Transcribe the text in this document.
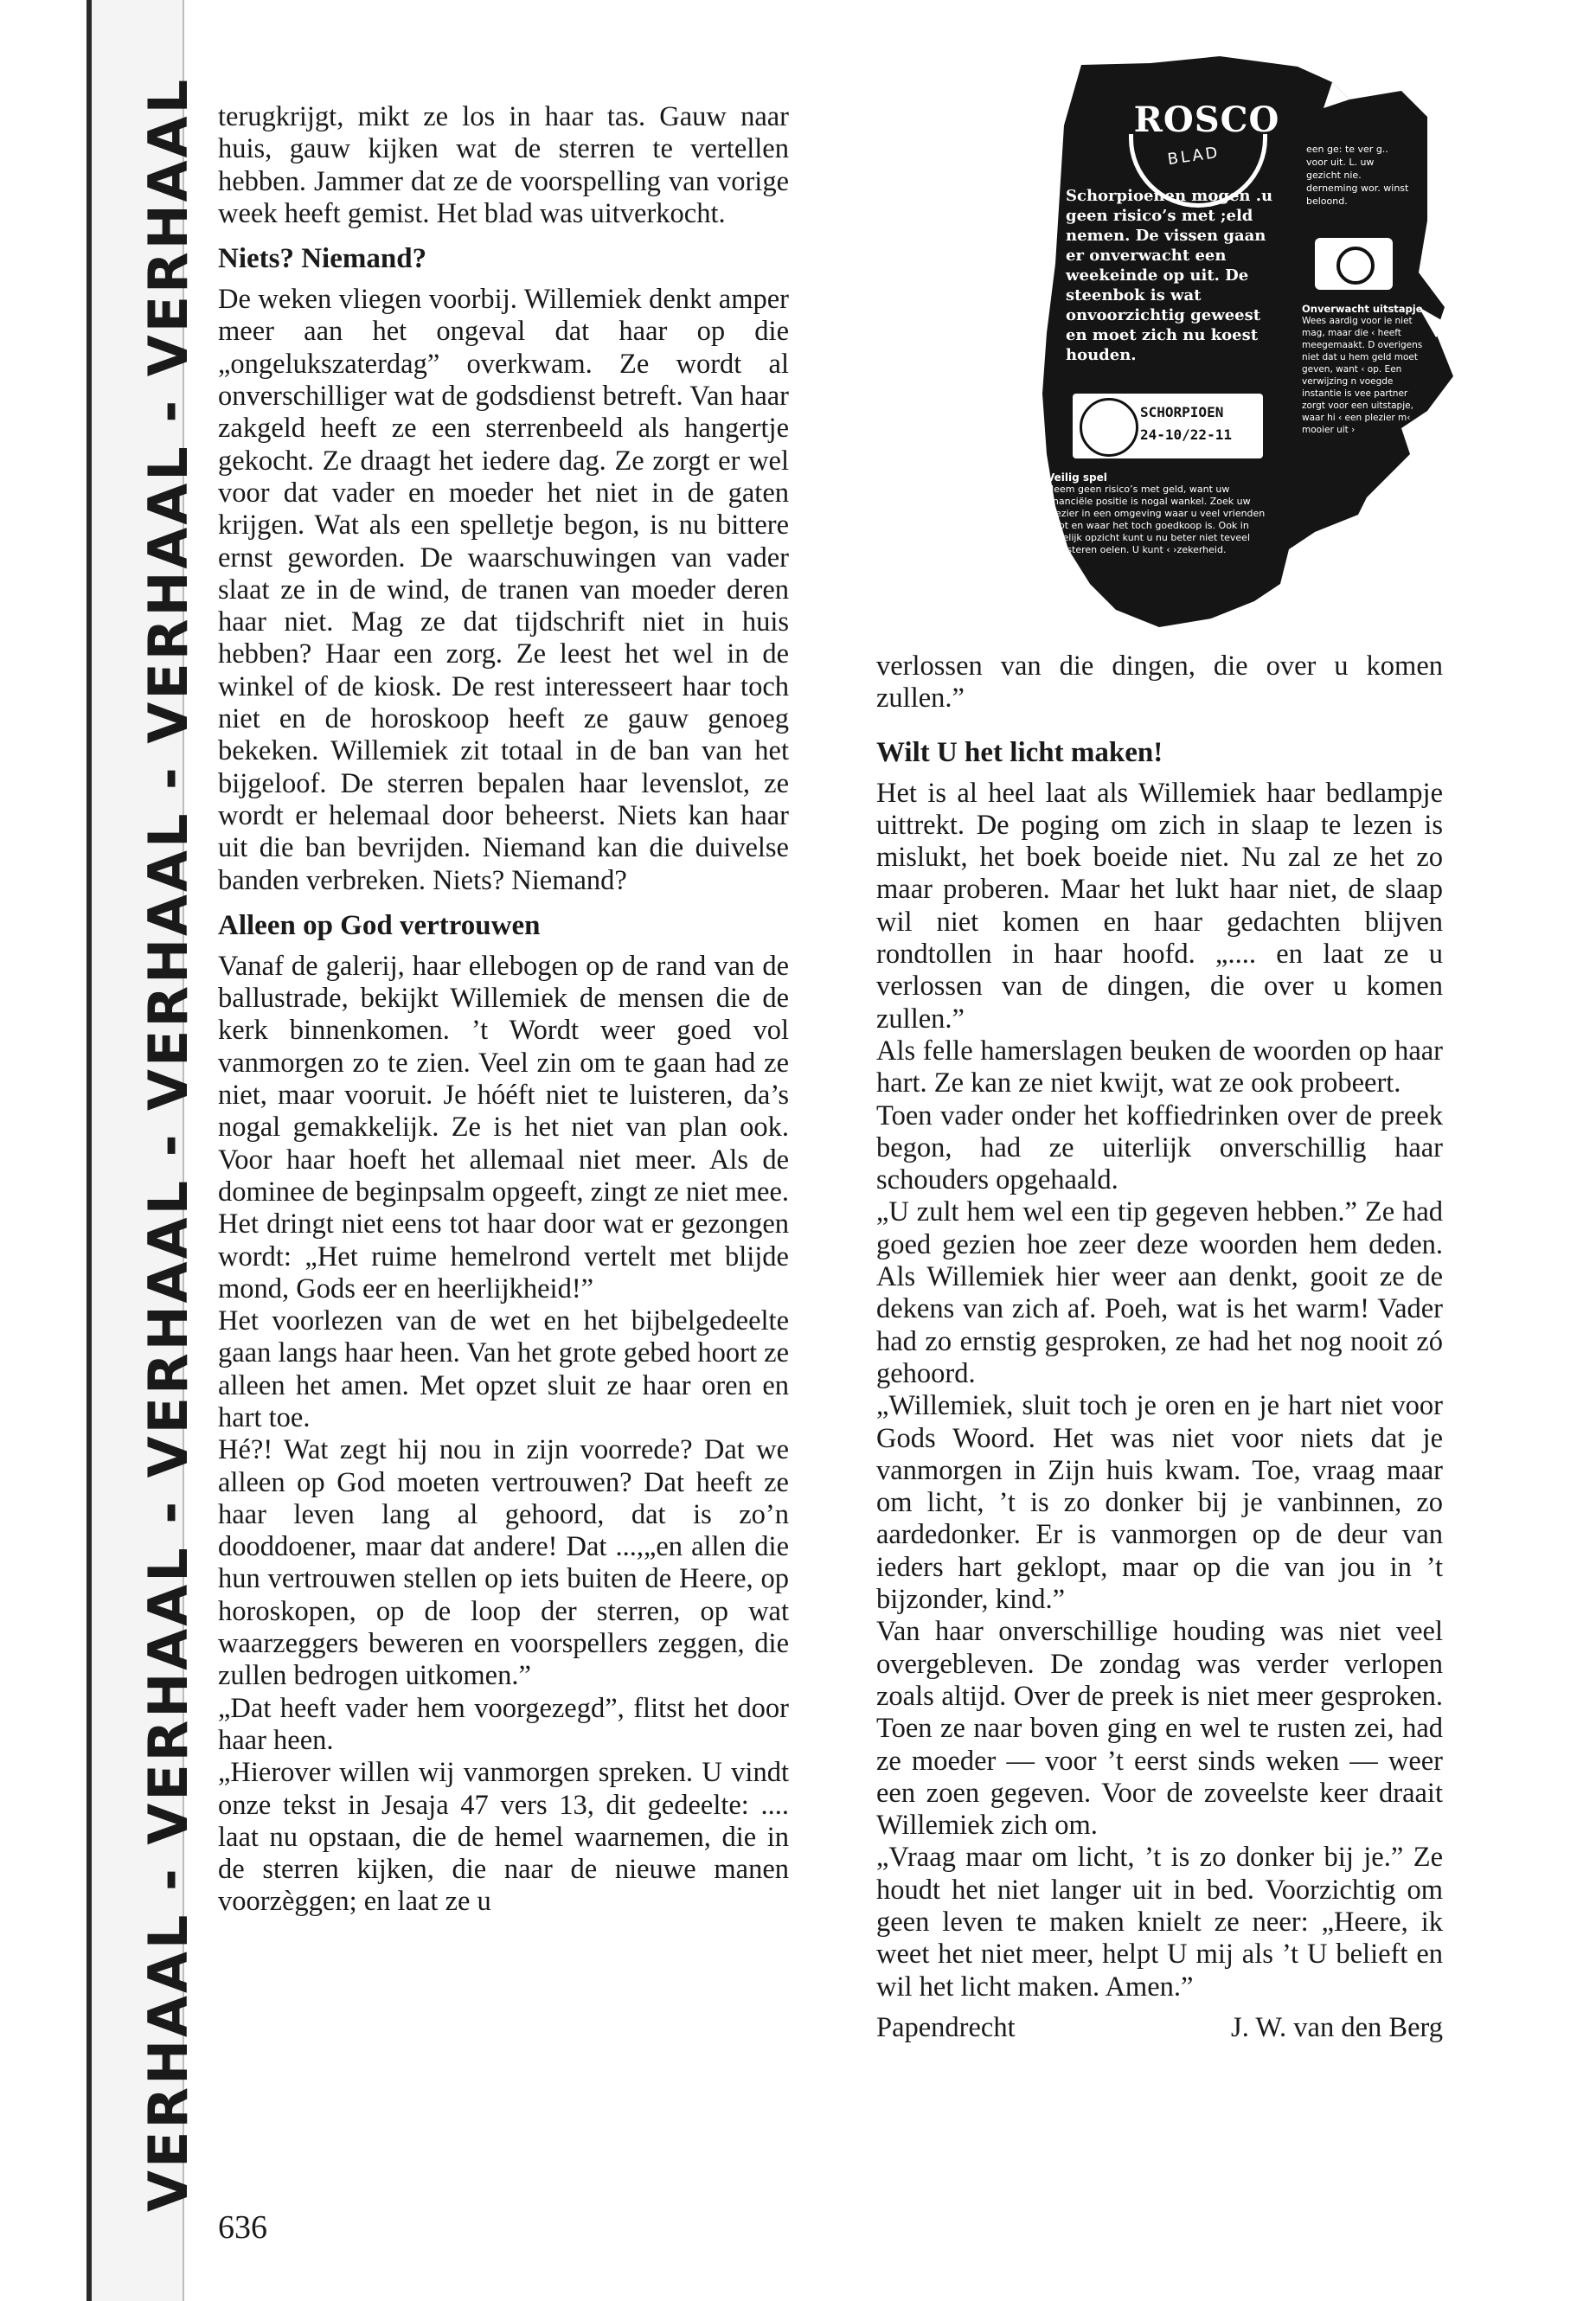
VERHAAL - VERHAAL - VERHAAL - VERHAAL - VERHAAL - VERHAAL terugkrijgt, mikt ze los in haar tas. Gauw naar huis, gauw kijken wat de sterren te vertellen hebben. Jammer dat ze de voorspelling van vorige week heeft gemist. Het blad was uitverkocht.

Niets? Niemand?

De weken vliegen voorbij. Willemiek denkt amper meer aan het ongeval dat haar op die „ongelukszaterdag” overkwam. Ze wordt al onverschilliger wat de godsdienst betreft. Van haar zakgeld heeft ze een sterrenbeeld als hangertje gekocht. Ze draagt het iedere dag. Ze zorgt er wel voor dat vader en moeder het niet in de gaten krijgen. Wat als een spelletje begon, is nu bittere ernst geworden. De waarschuwingen van vader slaat ze in de wind, de tranen van moeder deren haar niet. Mag ze dat tijdschrift niet in huis hebben? Haar een zorg. Ze leest het wel in de winkel of de kiosk. De rest interesseert haar toch niet en de horoskoop heeft ze gauw genoeg bekeken. Willemiek zit totaal in de ban van het bijgeloof. De sterren bepalen haar levenslot, ze wordt er helemaal door beheerst. Niets kan haar uit die ban bevrijden. Niemand kan die duivelse banden verbreken. Niets? Niemand?

Alleen op God vertrouwen

Vanaf de galerij, haar ellebogen op de rand van de ballustrade, bekijkt Willemiek de mensen die de kerk binnenkomen. ’t Wordt weer goed vol vanmorgen zo te zien. Veel zin om te gaan had ze niet, maar vooruit. Je hóéft niet te luisteren, da’s nogal gemakkelijk. Ze is het niet van plan ook. Voor haar hoeft het allemaal niet meer. Als de dominee de beginpsalm opgeeft, zingt ze niet mee. Het dringt niet eens tot haar door wat er gezongen wordt: „Het ruime hemelrond vertelt met blijde mond, Gods eer en heerlijkheid!”

Het voorlezen van de wet en het bijbelgedeelte gaan langs haar heen. Van het grote gebed hoort ze alleen het amen. Met opzet sluit ze haar oren en hart toe.

Hé?! Wat zegt hij nou in zijn voorrede? Dat we alleen op God moeten vertrouwen? Dat heeft ze haar leven lang al gehoord, dat is zo’n dooddoener, maar dat andere! Dat ...,„en allen die hun vertrouwen stellen op iets buiten de Heere, op horoskopen, op de loop der sterren, op wat waarzeggers beweren en voorspellers zeggen, die zullen bedrogen uitkomen.”

„Dat heeft vader hem voorgezegd”, flitst het door haar heen.

„Hierover willen wij vanmorgen spreken. U vindt onze tekst in Jesaja 47 vers 13, dit gedeelte: .... laat nu opstaan, die de hemel waarnemen, die in de sterren kijken, die naar de nieuwe manen voorzèggen; en laat ze u

ROSCO
BLAD
Schorpioenen mogen .u geen risico’s met ;eld nemen. De vissen gaan er onverwacht een weekeinde op uit. De steenbok is wat onvoorzichtig geweest en moet zich nu koest houden.
SCHORPIOEN
24-10/22-11
Veilig spel
Neem geen risico’s met geld, want uw financiële positie is nogal wankel. Zoek uw plezier in een omgeving waar u veel vrienden hebt en waar het toch goedkoop is. Ook in zakelijk opzicht kunt u nu beter niet teveel investeren oelen. U kunt ‹ ›zekerheid.
een ge: te ver g.. voor uit. L. uw gezicht nie. derneming wor. winst beloond.
Onverwacht uitstapje
Wees aardig voor ie niet mag, maar die ‹ heeft meegemaakt. D overigens niet dat u hem geld moet geven, want ‹ op. Een verwijzing n voegde instantie is vee partner zorgt voor een uitstapje, waar hi ‹ een plezier m‹ mooier uit ›

verlossen van die dingen, die over u komen zullen.”

Wilt U het licht maken!

Het is al heel laat als Willemiek haar bedlampje uittrekt. De poging om zich in slaap te lezen is mislukt, het boek boeide niet. Nu zal ze het zo maar proberen. Maar het lukt haar niet, de slaap wil niet komen en haar gedachten blijven rondtollen in haar hoofd. „.... en laat ze u verlossen van de dingen, die over u komen zullen.”

Als felle hamerslagen beuken de woorden op haar hart. Ze kan ze niet kwijt, wat ze ook probeert.

Toen vader onder het koffiedrinken over de preek begon, had ze uiterlijk onverschillig haar schouders opgehaald.

„U zult hem wel een tip gegeven hebben.” Ze had goed gezien hoe zeer deze woorden hem deden. Als Willemiek hier weer aan denkt, gooit ze de dekens van zich af. Poeh, wat is het warm! Vader had zo ernstig gesproken, ze had het nog nooit zó gehoord.

„Willemiek, sluit toch je oren en je hart niet voor Gods Woord. Het was niet voor niets dat je vanmorgen in Zijn huis kwam. Toe, vraag maar om licht, ’t is zo donker bij je vanbinnen, zo aardedonker. Er is vanmorgen op de deur van ieders hart geklopt, maar op die van jou in ’t bijzonder, kind.”

Van haar onverschillige houding was niet veel overgebleven. De zondag was verder verlopen zoals altijd. Over de preek is niet meer gesproken. Toen ze naar boven ging en wel te rusten zei, had ze moeder — voor ’t eerst sinds weken — weer een zoen gegeven. Voor de zoveelste keer draait Willemiek zich om.

„Vraag maar om licht, ’t is zo donker bij je.” Ze houdt het niet langer uit in bed. Voorzichtig om geen leven te maken knielt ze neer: „Heere, ik weet het niet meer, helpt U mij als ’t U belieft en wil het licht maken. Amen.”

Papendrecht	J. W. van den Berg
636
